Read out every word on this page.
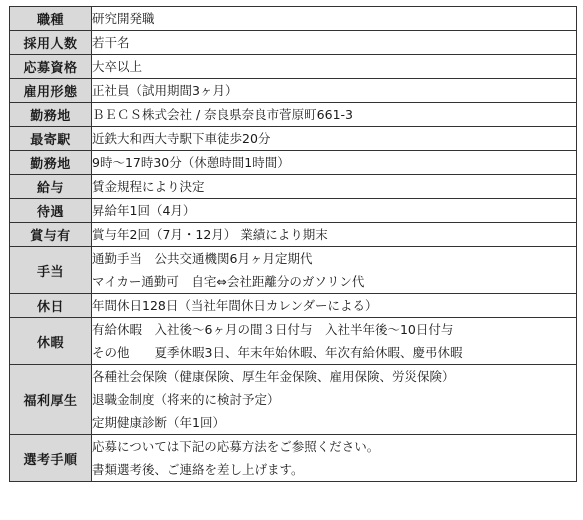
職種	研究開発職

採用人数	若干名

応募資格	大卒以上

雇用形態	正社員（試用期間3ヶ月）

勤務地	ＢＥＣＳ株式会社 / 奈良県奈良市菅原町661-3

最寄駅	近鉄大和西大寺駅下車徒歩20分

勤務地	9時～17時30分（休憩時間1時間）

給与	賃金規程により決定

待遇	昇給年1回（4月）

賞与有	賞与年2回（7月・12月） 業績により期末

手当	通勤手当　公共交通機関6月ヶ月定期代
マイカー通勤可　自宅⇔会社距離分のガソリン代

休日	年間休日128日（当社年間休日カレンダーによる）

休暇	有給休暇　入社後～6ヶ月の間３日付与　入社半年後～10日付与
その他　　夏季休暇3日、年末年始休暇、年次有給休暇、慶弔休暇

福利厚生	各種社会保険（健康保険、厚生年金保険、雇用保険、労災保険）
退職金制度（将来的に検討予定）
定期健康診断（年1回）

選考手順	応募については下記の応募方法をご参照ください。
書類選考後、ご連絡を差し上げます。
